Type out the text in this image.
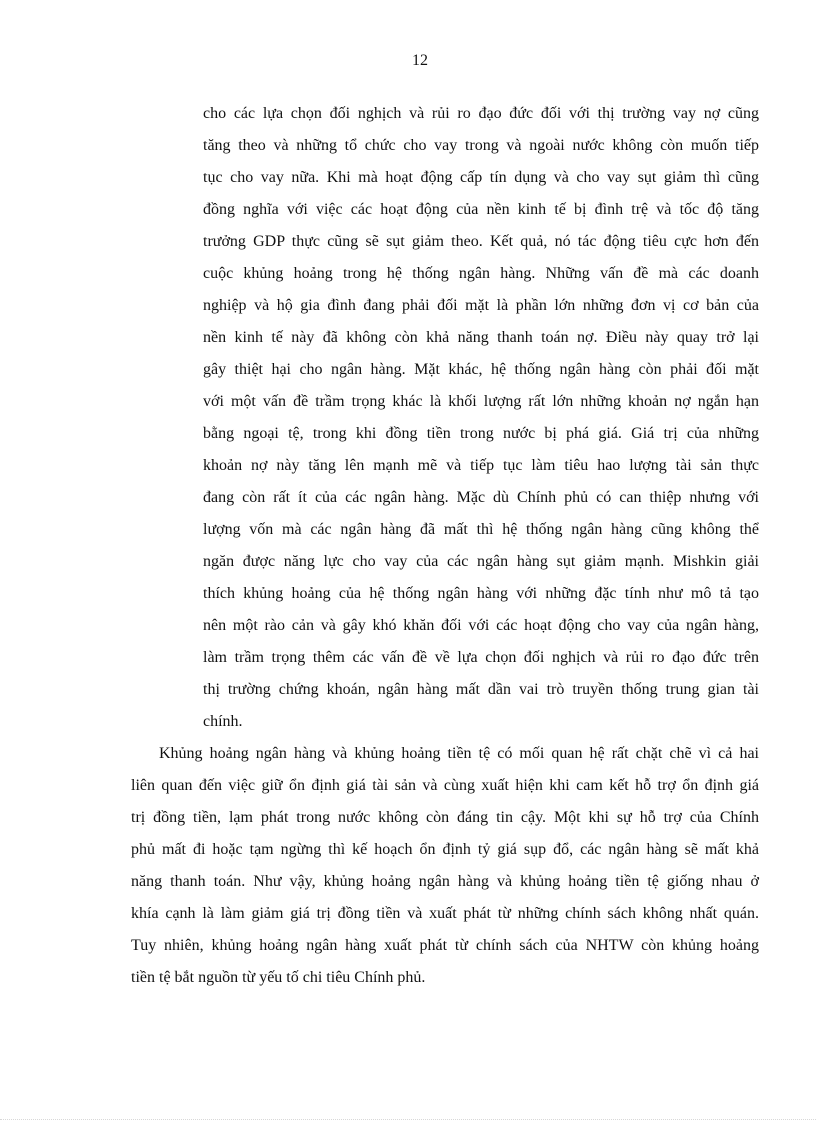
12
cho các lựa chọn đối nghịch và rủi ro đạo đức đối với thị trường vay nợ cũng
tăng theo và những tổ chức cho vay trong và ngoài nước không còn muốn tiếp
tục cho vay nữa. Khi mà hoạt động cấp tín dụng và cho vay sụt giảm thì cũng
đồng nghĩa với việc các hoạt động của nền kinh tế bị đình trệ và tốc độ tăng
trưởng GDP thực cũng sẽ sụt giảm theo. Kết quả, nó tác động tiêu cực hơn đến
cuộc khủng hoảng trong hệ thống ngân hàng. Những vấn đề mà các doanh
nghiệp và hộ gia đình đang phải đối mặt là phần lớn những đơn vị cơ bản của
nền kinh tế này đã không còn khả năng thanh toán nợ. Điều này quay trở lại
gây thiệt hại cho ngân hàng. Mặt khác, hệ thống ngân hàng còn phải đối mặt
với một vấn đề trầm trọng khác là khối lượng rất lớn những khoản nợ ngắn hạn
bằng ngoại tệ, trong khi đồng tiền trong nước bị phá giá. Giá trị của những
khoản nợ này tăng lên mạnh mẽ và tiếp tục làm tiêu hao lượng tài sản thực
đang còn rất ít của các ngân hàng. Mặc dù Chính phủ có can thiệp nhưng với
lượng vốn mà các ngân hàng đã mất thì hệ thống ngân hàng cũng không thể
ngăn được năng lực cho vay của các ngân hàng sụt giảm mạnh. Mishkin giải
thích khủng hoảng của hệ thống ngân hàng với những đặc tính như mô tả tạo
nên một rào cản và gây khó khăn đối với các hoạt động cho vay của ngân hàng,
làm trầm trọng thêm các vấn đề về lựa chọn đối nghịch và rủi ro đạo đức trên
thị trường chứng khoán, ngân hàng mất dần vai trò truyền thống trung gian tài
chính.
Khủng hoảng ngân hàng và khủng hoảng tiền tệ có mối quan hệ rất chặt chẽ vì cả hai
liên quan đến việc giữ ổn định giá tài sản và cùng xuất hiện khi cam kết hỗ trợ ổn định giá
trị đồng tiền, lạm phát trong nước không còn đáng tin cậy. Một khi sự hỗ trợ của Chính
phủ mất đi hoặc tạm ngừng thì kế hoạch ổn định tỷ giá sụp đổ, các ngân hàng sẽ mất khả
năng thanh toán. Như vậy, khủng hoảng ngân hàng và khủng hoảng tiền tệ giống nhau ở
khía cạnh là làm giảm giá trị đồng tiền và xuất phát từ những chính sách không nhất quán.
Tuy nhiên, khủng hoảng ngân hàng xuất phát từ chính sách của NHTW còn khủng hoảng
tiền tệ bắt nguồn từ yếu tố chi tiêu Chính phủ.
